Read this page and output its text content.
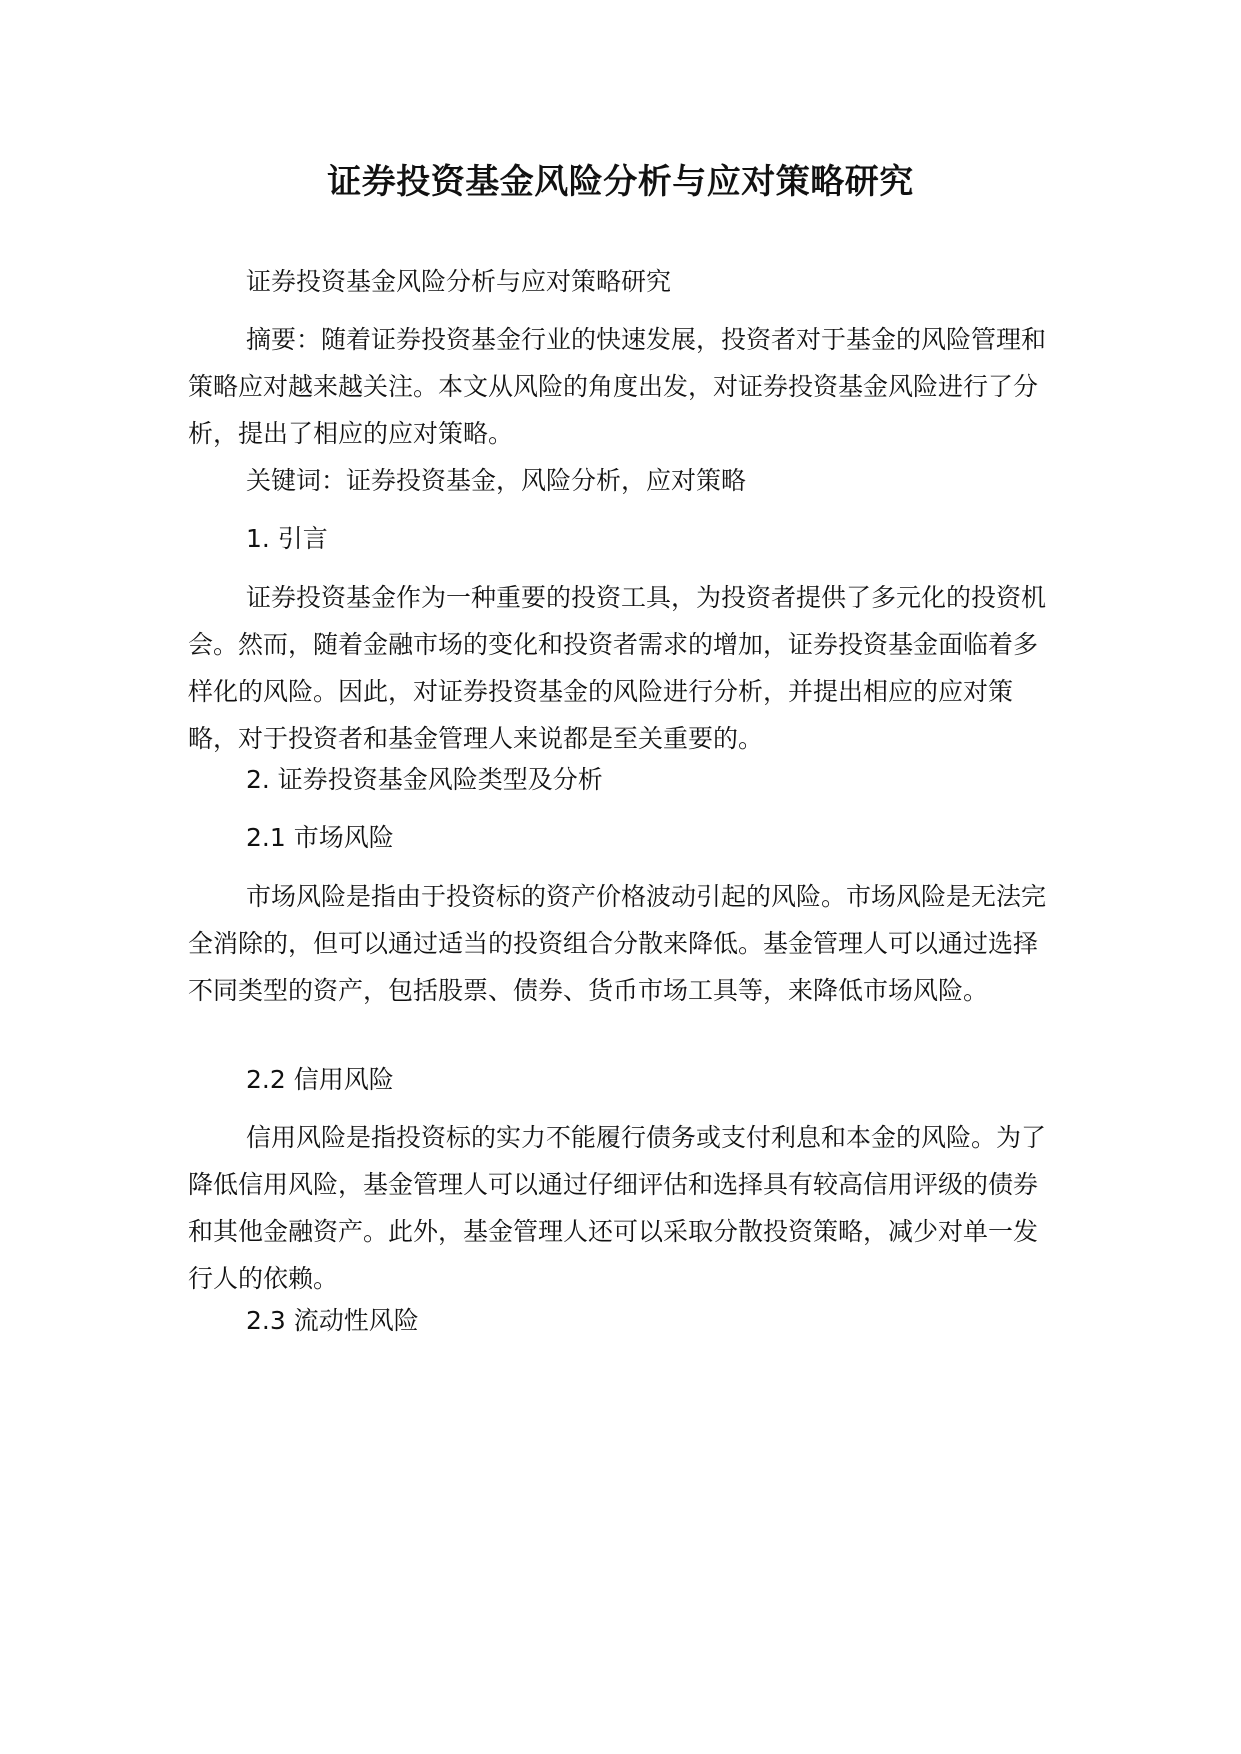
证券投资基金风险分析与应对策略研究

证券投资基金风险分析与应对策略研究

摘要：随着证券投资基金行业的快速发展，投资者对于基金的风险管理和策略应对越来越关注。本文从风险的角度出发，对证券投资基金风险进行了分析，提出了相应的应对策略。

关键词：证券投资基金，风险分析，应对策略

1. 引言

证券投资基金作为一种重要的投资工具，为投资者提供了多元化的投资机会。然而，随着金融市场的变化和投资者需求的增加，证券投资基金面临着多样化的风险。因此，对证券投资基金的风险进行分析，并提出相应的应对策略，对于投资者和基金管理人来说都是至关重要的。

2. 证券投资基金风险类型及分析

2.1 市场风险

市场风险是指由于投资标的资产价格波动引起的风险。市场风险是无法完全消除的，但可以通过适当的投资组合分散来降低。基金管理人可以通过选择不同类型的资产，包括股票、债券、货币市场工具等，来降低市场风险。

2.2 信用风险

信用风险是指投资标的实力不能履行债务或支付利息和本金的风险。为了降低信用风险，基金管理人可以通过仔细评估和选择具有较高信用评级的债券和其他金融资产。此外，基金管理人还可以采取分散投资策略，减少对单一发行人的依赖。

2.3 流动性风险
